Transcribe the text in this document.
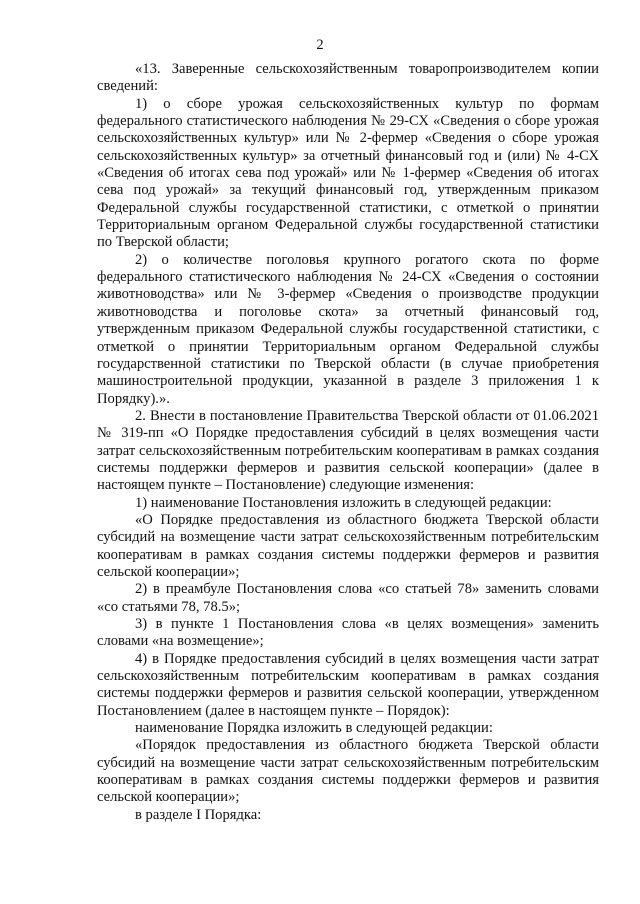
2

«13. Заверенные сельскохозяйственным товаропроизводителем копии сведений:

1) о сборе урожая сельскохозяйственных культур по формам федерального статистического наблюдения № 29-СХ «Сведения о сборе урожая сельскохозяйственных культур» или № 2-фермер «Сведения о сборе урожая сельскохозяйственных культур» за отчетный финансовый год и (или) № 4-СХ «Сведения об итогах сева под урожай» или № 1-фермер «Сведения об итогах сева под урожай» за текущий финансовый год, утвержденным приказом Федеральной службы государственной статистики, с отметкой о принятии Территориальным органом Федеральной службы государственной статистики по Тверской области;

2) о количестве поголовья крупного рогатого скота по форме федерального статистического наблюдения № 24-СХ «Сведения о состоянии животноводства» или № 3-фермер «Сведения о производстве продукции животноводства и поголовье скота» за отчетный финансовый год, утвержденным приказом Федеральной службы государственной статистики, с отметкой о принятии Территориальным органом Федеральной службы государственной статистики по Тверской области (в случае приобретения машиностроительной продукции, указанной в разделе 3 приложения 1 к Порядку).».

2. Внести в постановление Правительства Тверской области от 01.06.2021 № 319-пп «О Порядке предоставления субсидий в целях возмещения части затрат сельскохозяйственным потребительским кооперативам в рамках создания системы поддержки фермеров и развития сельской кооперации» (далее в настоящем пункте – Постановление) следующие изменения:

1) наименование Постановления изложить в следующей редакции:

«О Порядке предоставления из областного бюджета Тверской области субсидий на возмещение части затрат сельскохозяйственным потребительским кооперативам в рамках создания системы поддержки фермеров и развития сельской кооперации»;

2) в преамбуле Постановления слова «со статьей 78» заменить словами «со статьями 78, 78.5»;

3) в пункте 1 Постановления слова «в целях возмещения» заменить словами «на возмещение»;

4) в Порядке предоставления субсидий в целях возмещения части затрат сельскохозяйственным потребительским кооперативам в рамках создания системы поддержки фермеров и развития сельской кооперации, утвержденном Постановлением (далее в настоящем пункте – Порядок):

наименование Порядка изложить в следующей редакции:

«Порядок предоставления из областного бюджета Тверской области субсидий на возмещение части затрат сельскохозяйственным потребительским кооперативам в рамках создания системы поддержки фермеров и развития сельской кооперации»;

в разделе I Порядка:
